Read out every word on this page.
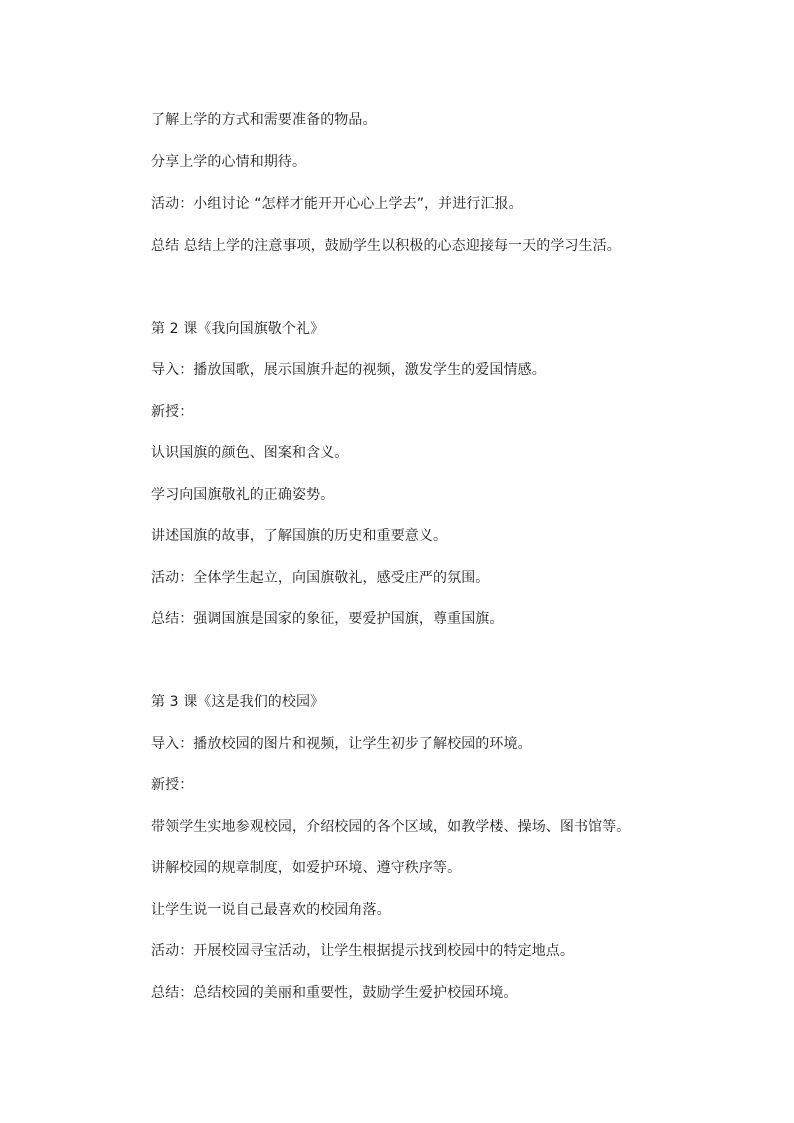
了解上学的方式和需要准备的物品。
分享上学的心情和期待。
活动：小组讨论 “怎样才能开开心心上学去”，并进行汇报。
总结 总结上学的注意事项，鼓励学生以积极的心态迎接每一天的学习生活。
第 2 课《我向国旗敬个礼》
导入：播放国歌，展示国旗升起的视频，激发学生的爱国情感。
新授：
认识国旗的颜色、图案和含义。
学习向国旗敬礼的正确姿势。
讲述国旗的故事，了解国旗的历史和重要意义。
活动：全体学生起立，向国旗敬礼，感受庄严的氛围。
总结：强调国旗是国家的象征，要爱护国旗，尊重国旗。
第 3 课《这是我们的校园》
导入：播放校园的图片和视频，让学生初步了解校园的环境。
新授：
带领学生实地参观校园，介绍校园的各个区域，如教学楼、操场、图书馆等。
讲解校园的规章制度，如爱护环境、遵守秩序等。
让学生说一说自己最喜欢的校园角落。
活动：开展校园寻宝活动，让学生根据提示找到校园中的特定地点。
总结：总结校园的美丽和重要性，鼓励学生爱护校园环境。
